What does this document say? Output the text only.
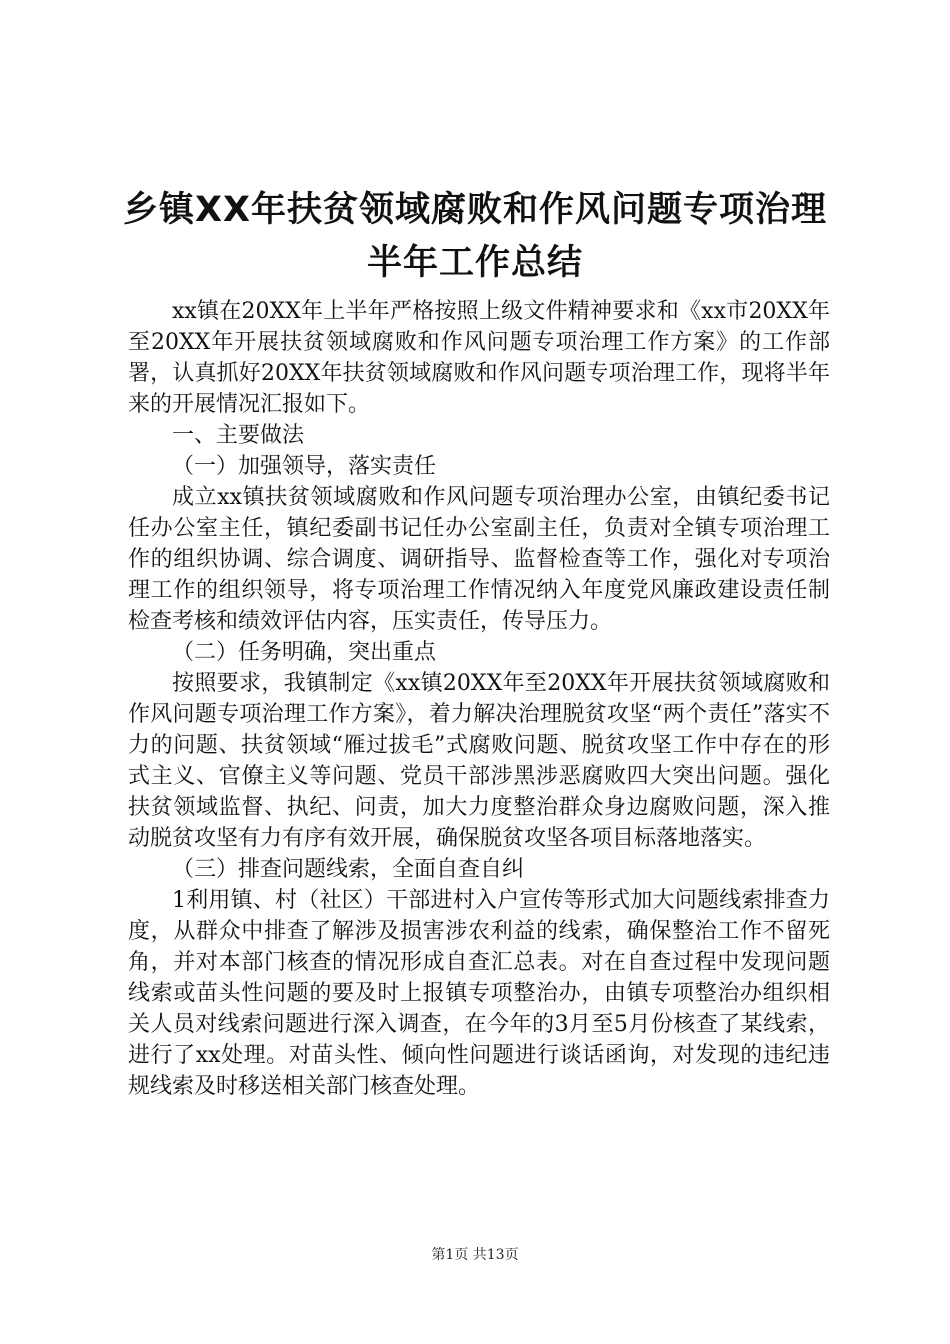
乡镇XX年扶贫领域腐败和作风问题专项治理
半年工作总结

xx镇在20XX年上半年严格按照上级文件精神要求和《xx市20XX年至20XX年开展扶贫领域腐败和作风问题专项治理工作方案》的工作部署，认真抓好20XX年扶贫领域腐败和作风问题专项治理工作，现将半年来的开展情况汇报如下。

一、主要做法

（一）加强领导，落实责任

成立xx镇扶贫领域腐败和作风问题专项治理办公室，由镇纪委书记任办公室主任，镇纪委副书记任办公室副主任，负责对全镇专项治理工作的组织协调、综合调度、调研指导、监督检查等工作，强化对专项治理工作的组织领导，将专项治理工作情况纳入年度党风廉政建设责任制检查考核和绩效评估内容，压实责任，传导压力。

（二）任务明确，突出重点

按照要求，我镇制定《xx镇20XX年至20XX年开展扶贫领域腐败和作风问题专项治理工作方案》，着力解决治理脱贫攻坚“两个责任”落实不力的问题、扶贫领域“雁过拔毛”式腐败问题、脱贫攻坚工作中存在的形式主义、官僚主义等问题、党员干部涉黑涉恶腐败四大突出问题。强化扶贫领域监督、执纪、问责，加大力度整治群众身边腐败问题，深入推动脱贫攻坚有力有序有效开展，确保脱贫攻坚各项目标落地落实。

（三）排查问题线索，全面自查自纠

1利用镇、村（社区）干部进村入户宣传等形式加大问题线索排查力度，从群众中排查了解涉及损害涉农利益的线索，确保整治工作不留死角，并对本部门核查的情况形成自查汇总表。对在自查过程中发现问题线索或苗头性问题的要及时上报镇专项整治办，由镇专项整治办组织相关人员对线索问题进行深入调查，在今年的3月至5月份核查了某线索，进行了xx处理。对苗头性、倾向性问题进行谈话函询，对发现的违纪违规线索及时移送相关部门核查处理。

第1页 共13页
